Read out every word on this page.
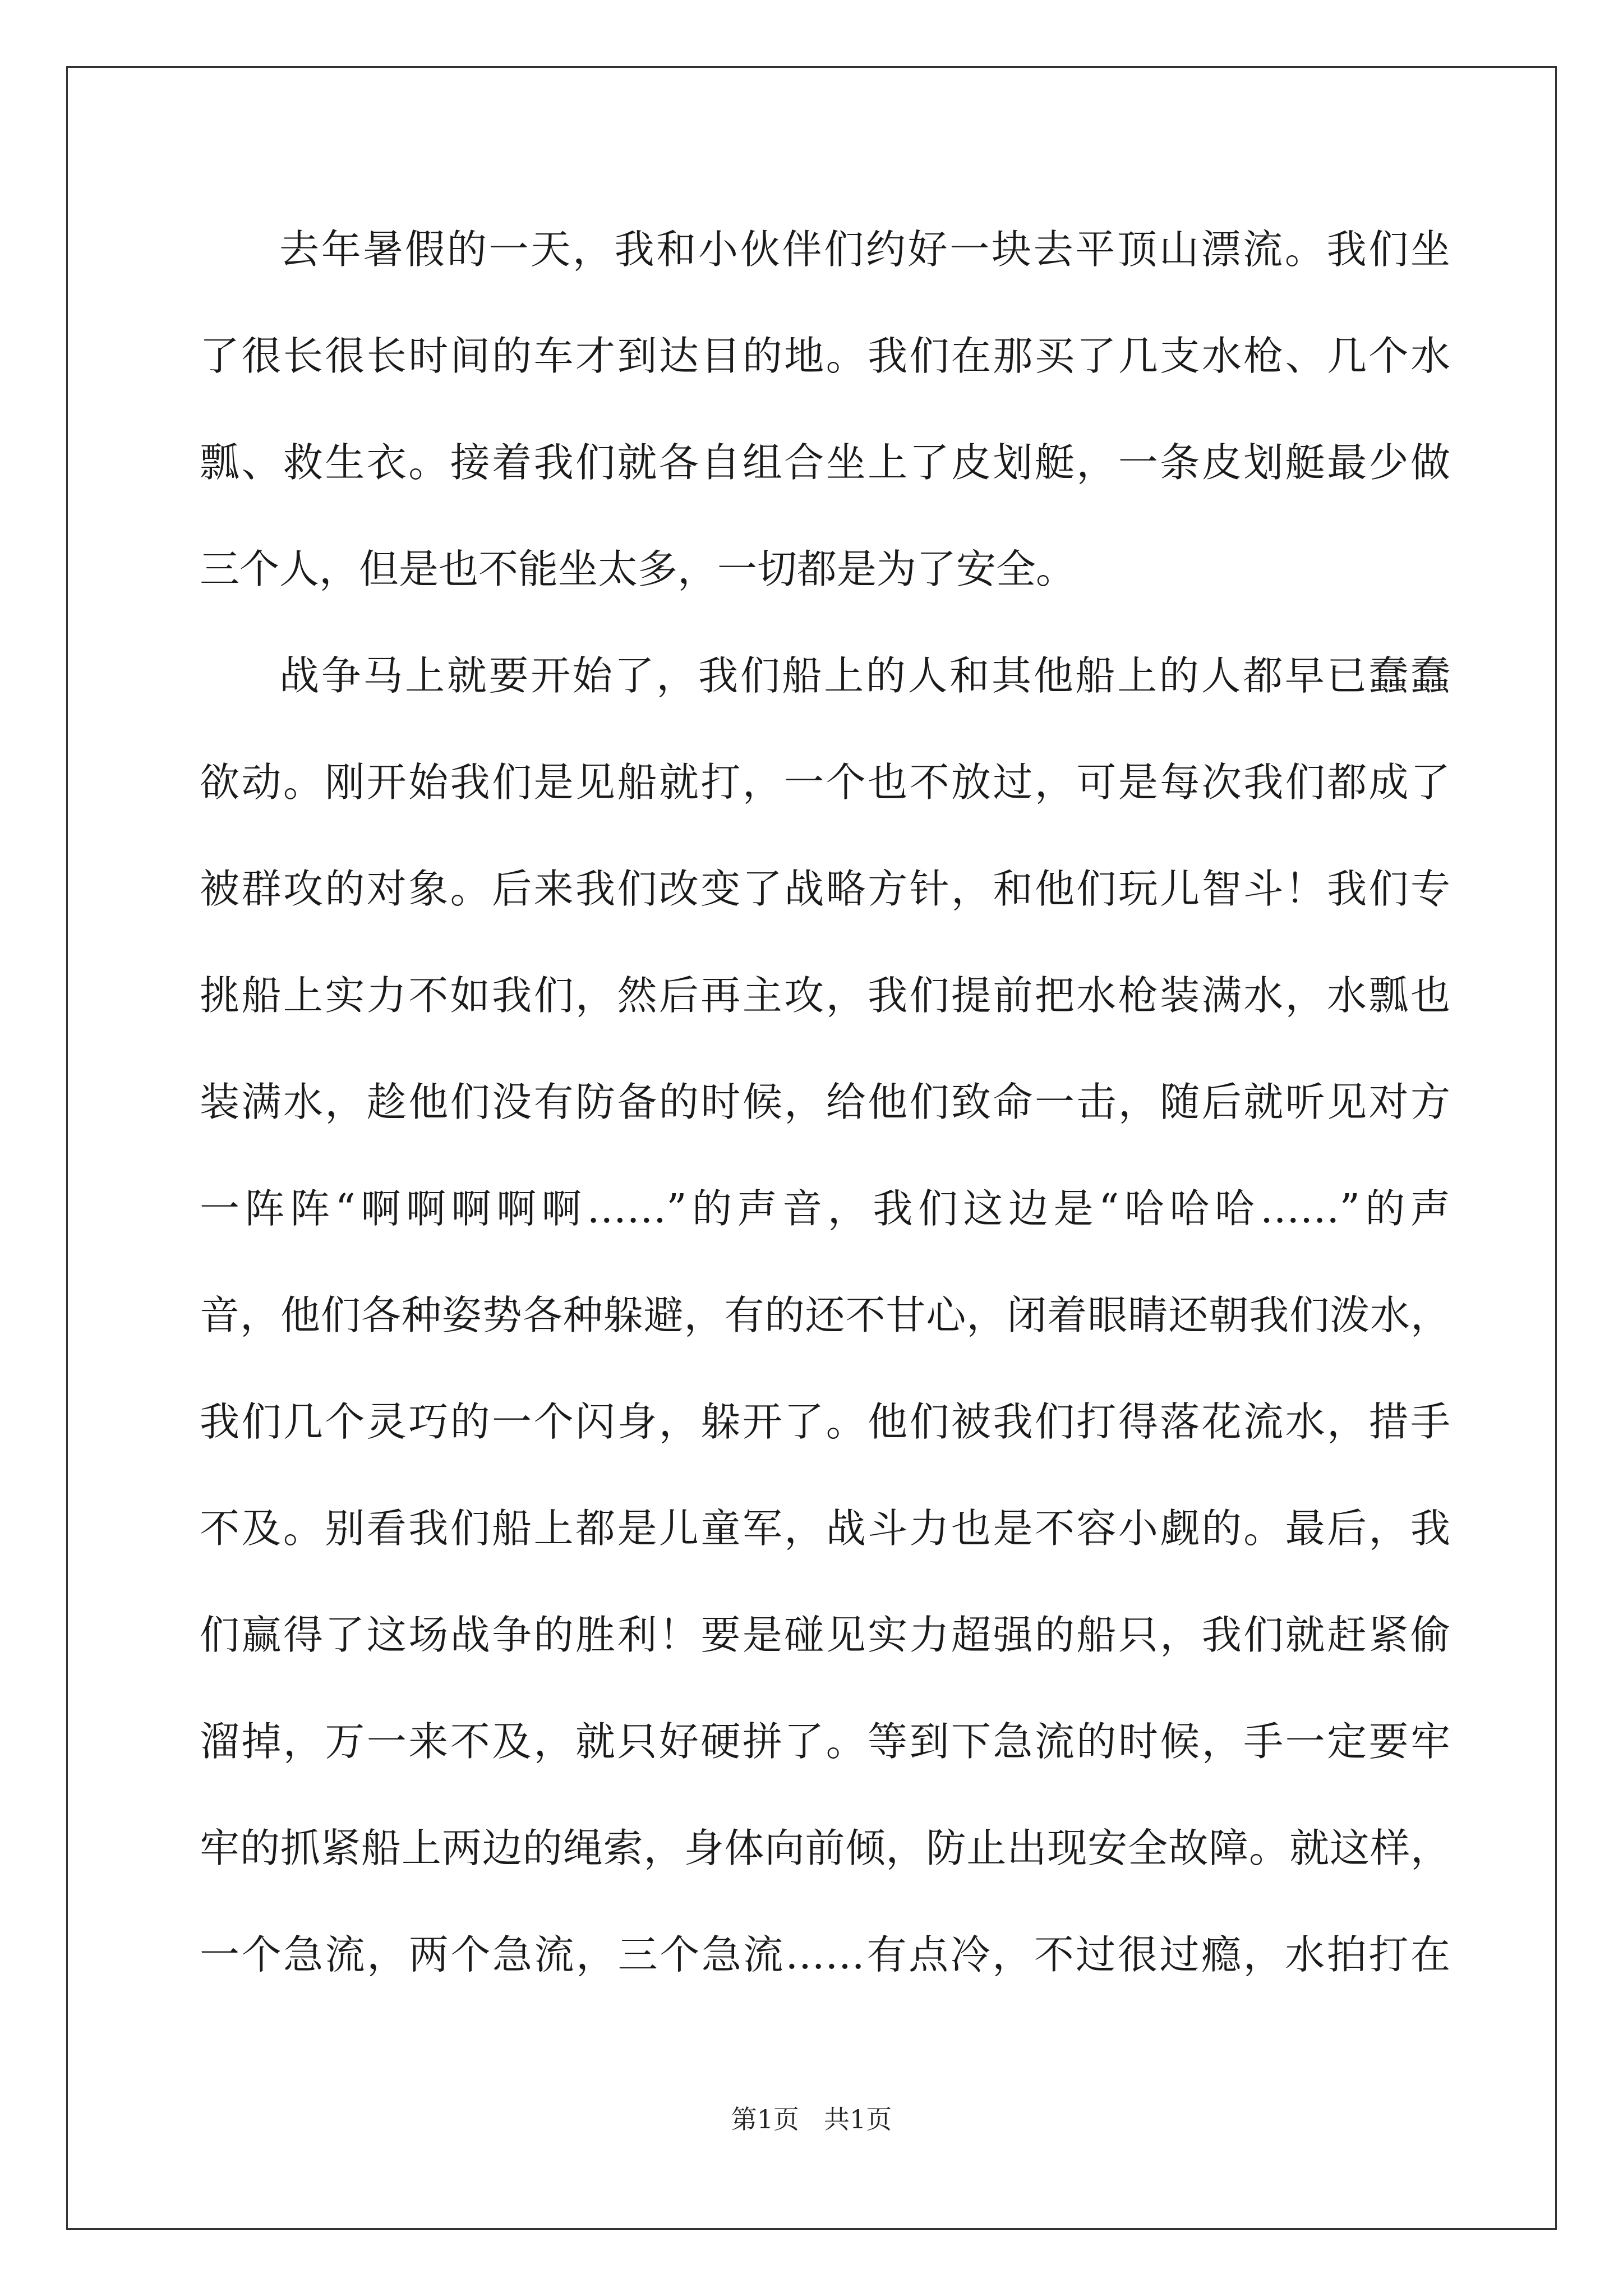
去年暑假的一天，我和小伙伴们约好一块去平顶山漂流。我们坐
了很长很长时间的车才到达目的地。我们在那买了几支水枪、几个水
瓢、救生衣。接着我们就各自组合坐上了皮划艇，一条皮划艇最少做
三个人，但是也不能坐太多，一切都是为了安全。
战争马上就要开始了，我们船上的人和其他船上的人都早已蠢蠢
欲动。刚开始我们是见船就打，一个也不放过，可是每次我们都成了
被群攻的对象。后来我们改变了战略方针，和他们玩儿智斗！我们专
挑船上实力不如我们，然后再主攻，我们提前把水枪装满水，水瓢也
装满水，趁他们没有防备的时候，给他们致命一击，随后就听见对方
一阵阵“啊啊啊啊啊……”的声音，我们这边是“哈哈哈……”的声
音，他们各种姿势各种躲避，有的还不甘心，闭着眼睛还朝我们泼水，
我们几个灵巧的一个闪身，躲开了。他们被我们打得落花流水，措手
不及。别看我们船上都是儿童军，战斗力也是不容小觑的。最后，我
们赢得了这场战争的胜利！要是碰见实力超强的船只，我们就赶紧偷
溜掉，万一来不及，就只好硬拼了。等到下急流的时候，手一定要牢
牢的抓紧船上两边的绳索，身体向前倾，防止出现安全故障。就这样，
一个急流，两个急流，三个急流……有点冷，不过很过瘾，水拍打在
第1页 共1页
